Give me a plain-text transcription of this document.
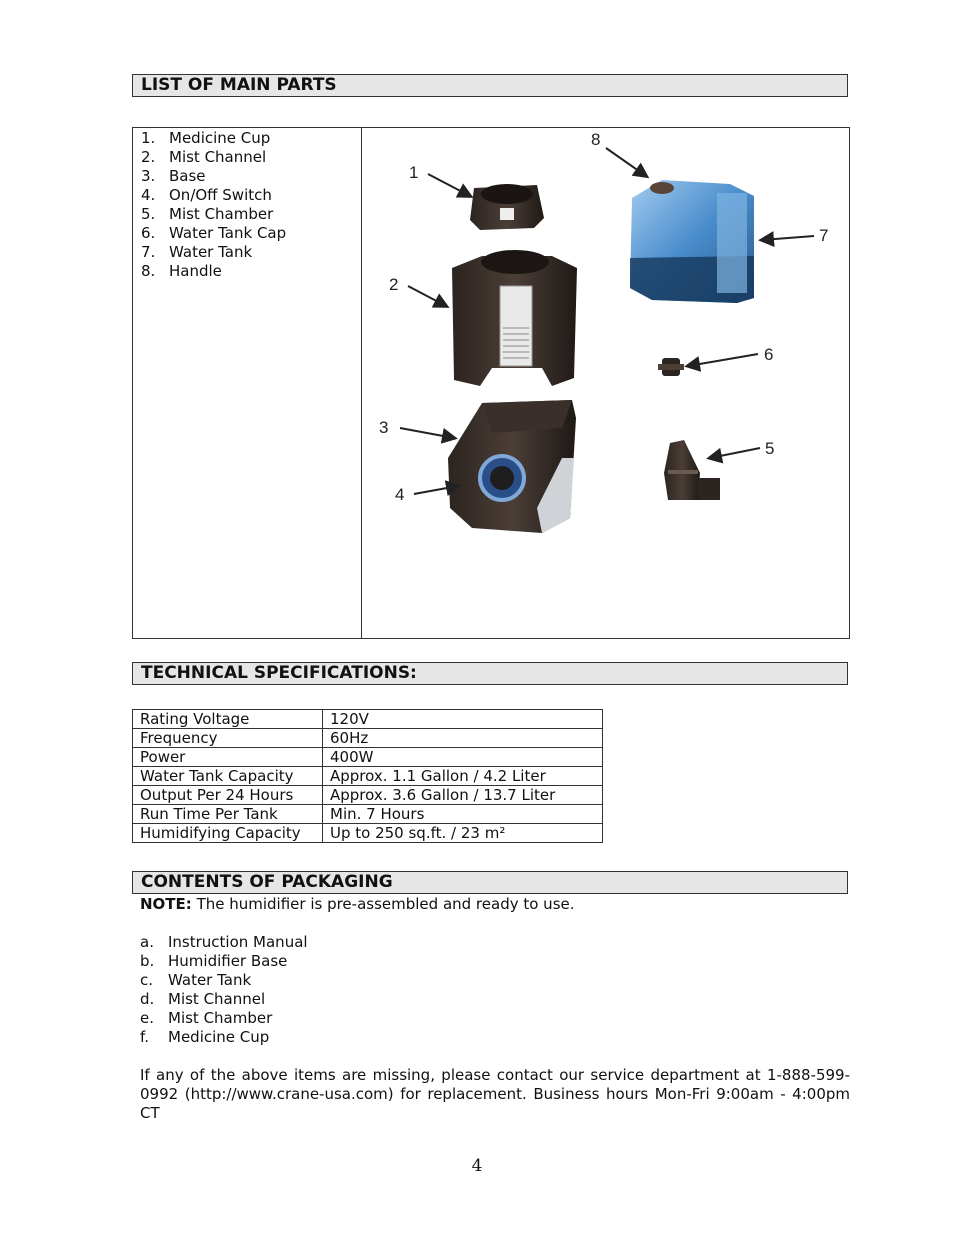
LIST OF MAIN PARTS
1. Medicine Cup
2. Mist Channel
3. Base
4. On/Off Switch
5. Mist Chamber
6. Water Tank Cap
7. Water Tank
8. Handle
1
2
3
4
5
6
7
8
TECHNICAL SPECIFICATIONS:
Rating Voltage	120V
Frequency	60Hz
Power	400W
Water Tank Capacity	Approx. 1.1 Gallon / 4.2 Liter
Output Per 24 Hours	Approx. 3.6 Gallon / 13.7 Liter
Run Time Per Tank	Min. 7 Hours
Humidifying Capacity	Up to 250 sq.ft. / 23 m²
CONTENTS OF PACKAGING
NOTE: The humidifier is pre-assembled and ready to use.
a. Instruction Manual
b. Humidifier Base
c. Water Tank
d. Mist Channel
e. Mist Chamber
f. Medicine Cup
If any of the above items are missing, please contact our service department at 1-888-599-0992 (http://www.crane-usa.com) for replacement. Business hours Mon-Fri 9:00am - 4:00pm CT
4
